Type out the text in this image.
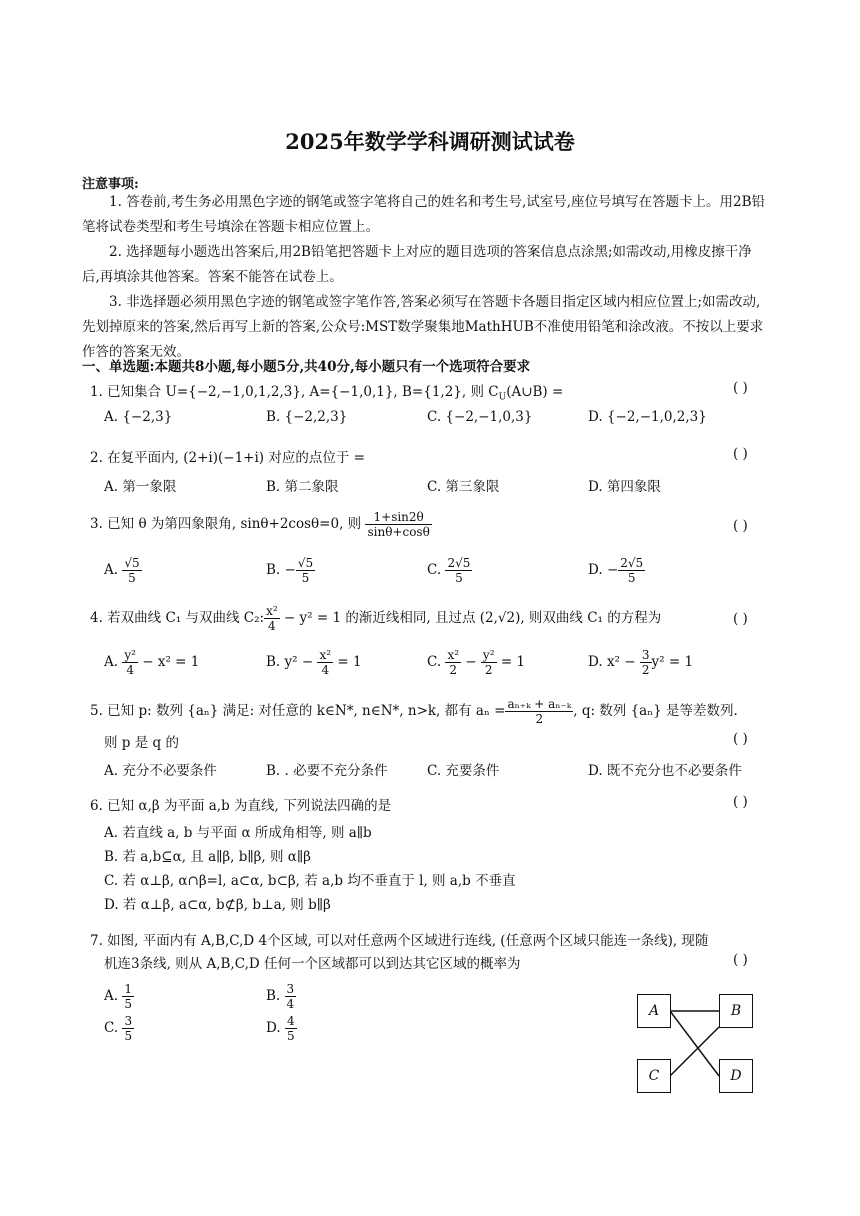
2025年数学学科调研测试试卷
注意事项:

1. 答卷前,考生务必用黑色字迹的钢笔或签字笔将自己的姓名和考生号,试室号,座位号填写在答题卡上。用2B铅笔将试卷类型和考生号填涂在答题卡相应位置上。

2. 选择题每小题选出答案后,用2B铅笔把答题卡上对应的题目选项的答案信息点涂黑;如需改动,用橡皮擦干净后,再填涂其他答案。答案不能答在试卷上。

3. 非选择题必须用黑色字迹的钢笔或签字笔作答,答案必须写在答题卡各题目指定区域内相应位置上;如需改动,先划掉原来的答案,然后再写上新的答案,公众号:MST数学聚集地MathHUB不准使用铅笔和涂改液。不按以上要求作答的答案无效。

一、单选题:本题共8小题,每小题5分,共40分,每小题只有一个选项符合要求
1. 已知集合 U={−2,−1,0,1,2,3}, A={−1,0,1}, B={1,2}, 则 $C_U(A\cup B)$ =	( )
A. {−2,3}	B. {−2,2,3}	C. {−2,−1,0,3}	D. {−2,−1,0,2,3}
2. 在复平面内, (2+i)(−1+i) 对应的点位于 =	( )
A. 第一象限	B. 第二象限	C. 第三象限	D. 第四象限
3. 已知 θ 为第四象限角, sinθ+2cosθ=0, 则 $\frac{1+\sin 2\theta}{\sin\theta+\cos\theta}$	( )
A. $\frac{√5}{5}$	B. − $\frac{√5}{5}$	C. $\frac{2√5}{5}$	D. − $\frac{2√5}{5}$
4. 若双曲线 C₁ 与双曲线 C₂: $\frac{\text{x²}}{4} - y^2 = 1$ 的渐近线相同, 且过点 (2,√2), 则双曲线 C₁ 的方程为	( )
A. $\frac{\text{y²}}{4} - x^2 = 1$	B. $y^2 - \frac{\text{x²}}{4} = 1$	C. $\frac{\text{x²}}{2} - \frac{\text{y²}}{2} = 1$	D. $x^2 - \frac{3}{2} y^2 = 1$
5. 已知 p: 数列 {aₙ} 满足: 对任意的 k∈N*, n∈N*, n>k, 都有 $a_n = \frac{\text{aₙ₊ₖ + aₙ₋ₖ}}{2}$ , q: 数列 {aₙ} 是等差数列.
则 p 是 q 的	( )
A. 充分不必要条件	B. . 必要不充分条件	C. 充要条件	D. 既不充分也不必要条件
6. 已知 α,β 为平面 a,b 为直线, 下列说法四确的是	( )
A. 若直线 a, b 与平面 α 所成角相等, 则 a∥b
B. 若 a,b⊆α, 且 a∥β, b∥β, 则 α∥β
C. 若 α⊥β, α∩β=l, a⊂α, b⊂β, 若 a,b 均不垂直于 l, 则 a,b 不垂直
D. 若 α⊥β, a⊂α, b⊄β, b⊥a, 则 b∥β
7. 如图, 平面内有 A,B,C,D 4个区域, 可以对任意两个区域进行连线, (任意两个区域只能连一条线), 现随
机连3条线, 则从 A,B,C,D 任何一个区域都可以到达其它区域的概率为	( )
A. $\frac{1}{5}$	B. $\frac{3}{4}$
C. $\frac{3}{5}$	D. $\frac{4}{5}$
A	B
C	D
